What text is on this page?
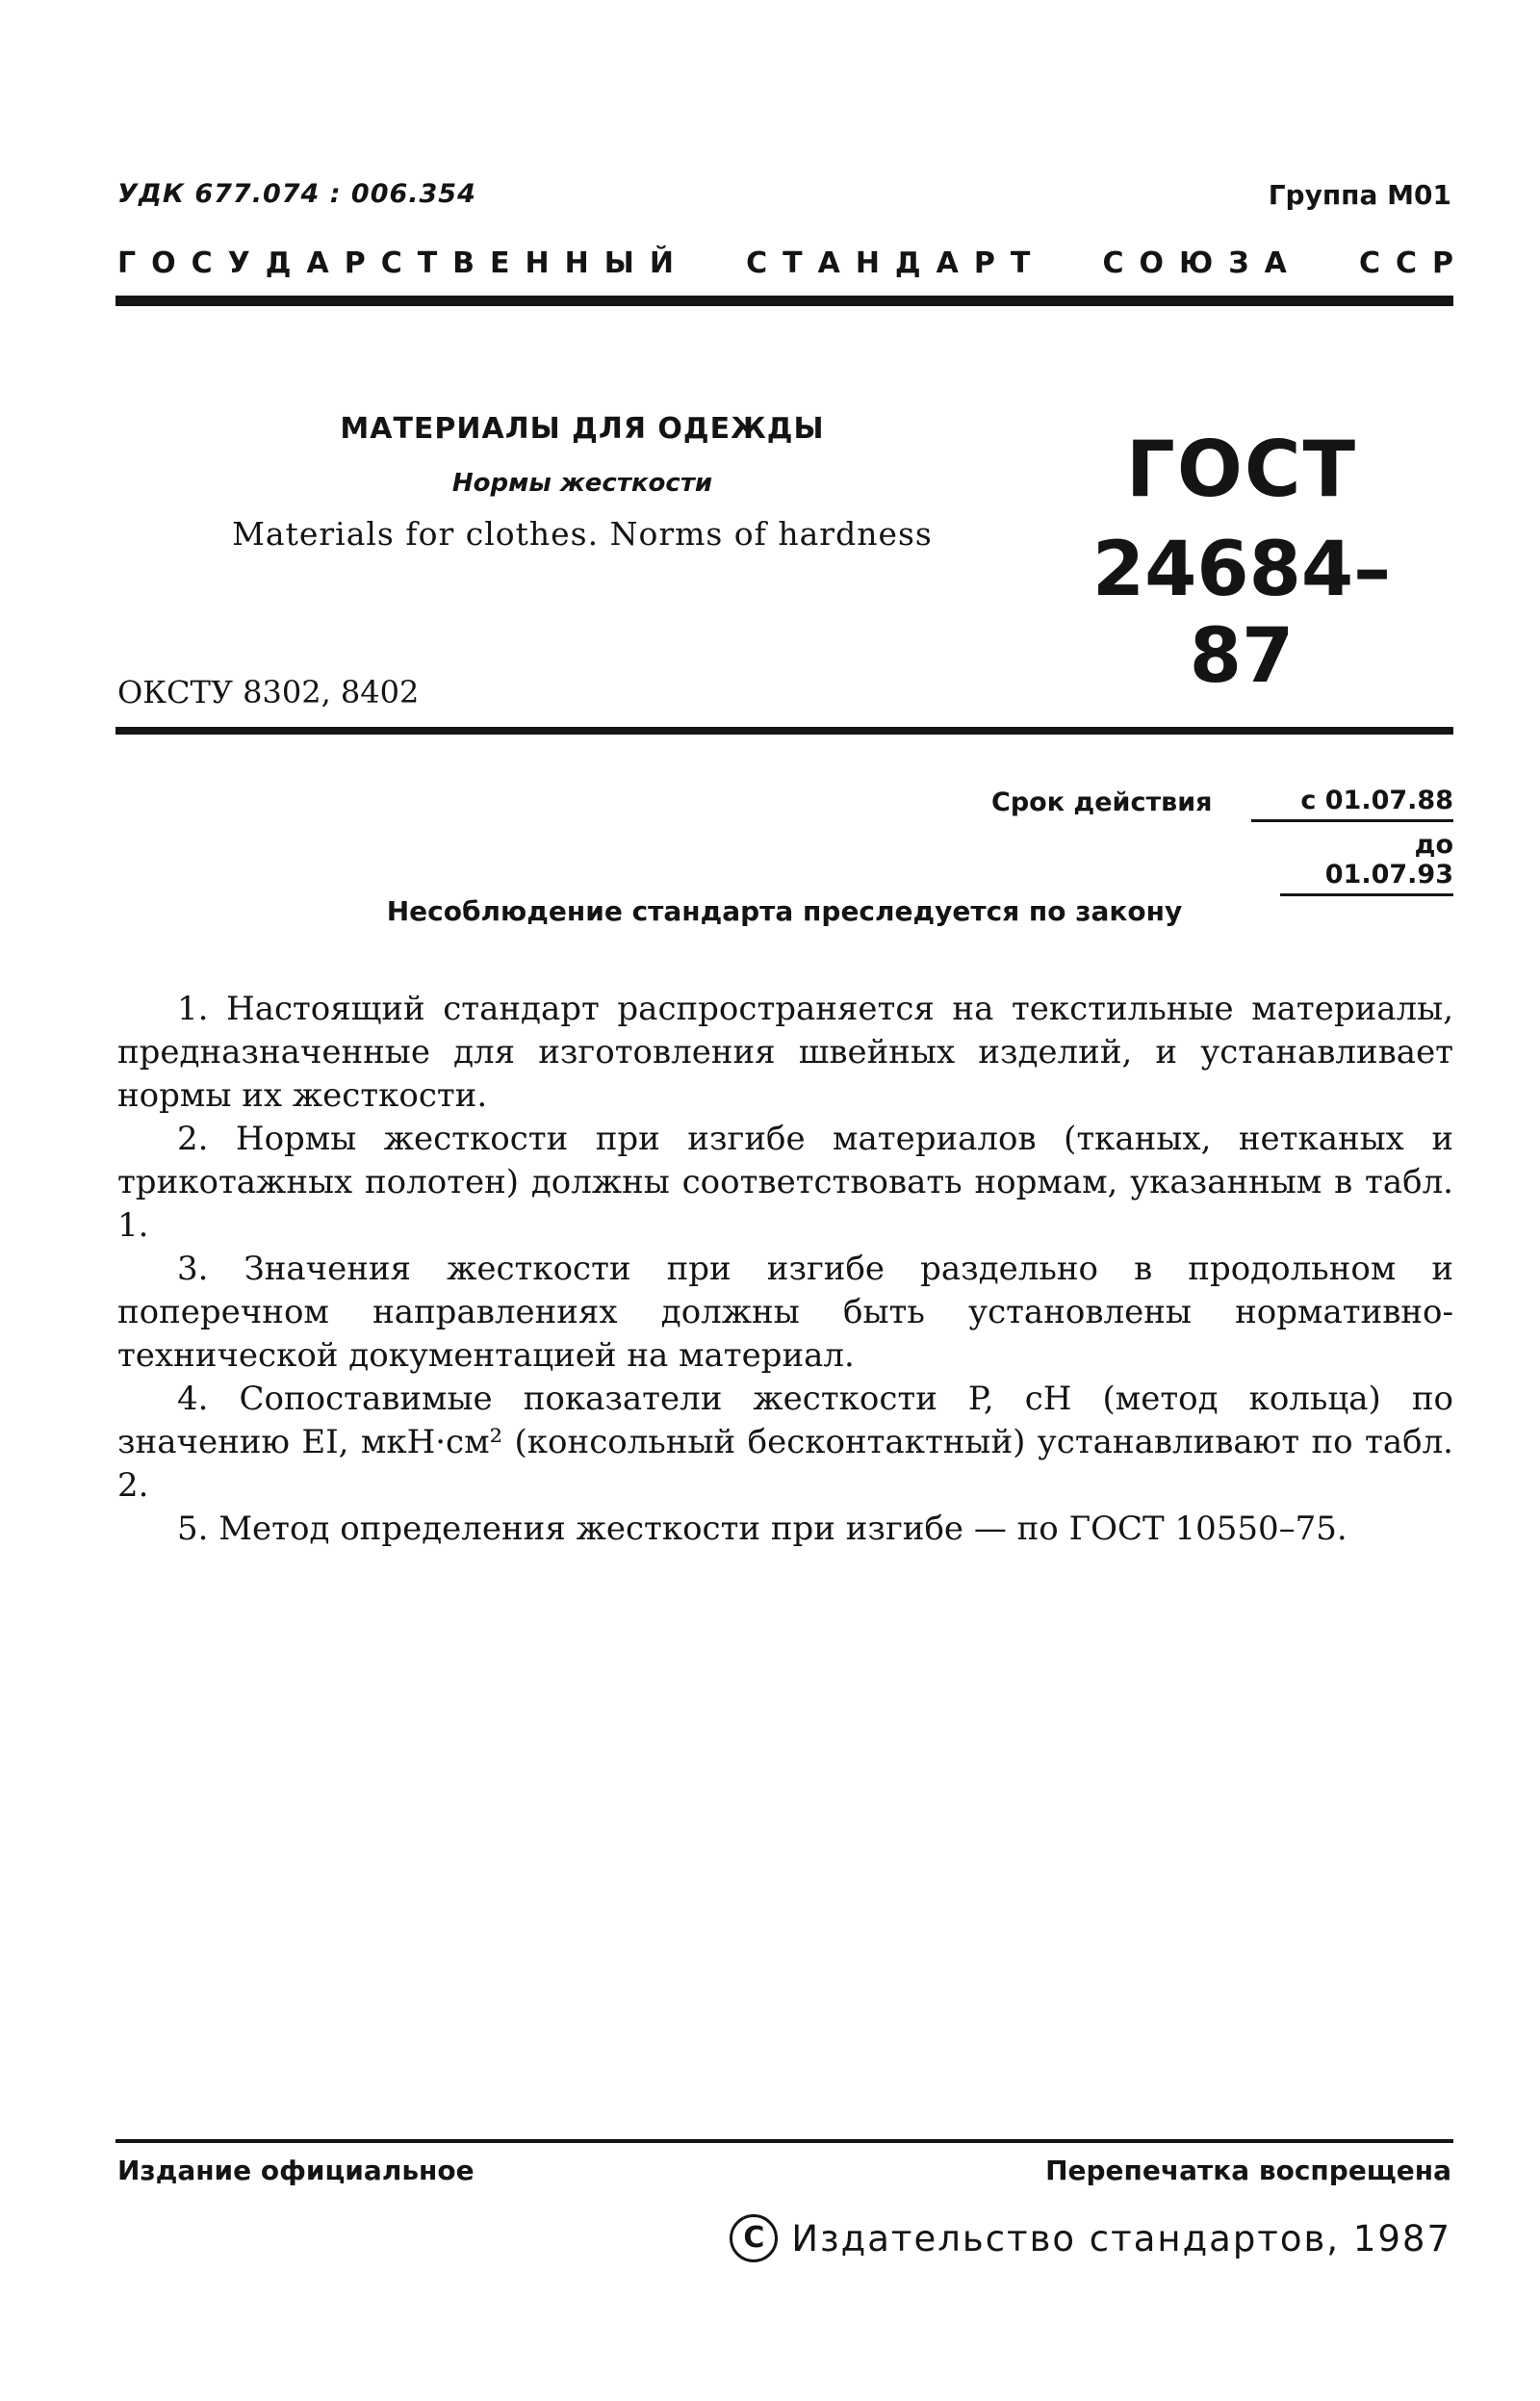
УДК 677.074 : 006.354	Группа М01
ГОСУДАРСТВЕННЫЙ СТАНДАРТ СОЮЗА ССР
МАТЕРИАЛЫ ДЛЯ ОДЕЖДЫ
Нормы жесткости
Materials for clothes. Norms of hardness
ГОСТ
24684–87
ОКСТУ 8302, 8402
Срок действия	с 01.07.88
до 01.07.93
Несоблюдение стандарта преследуется по закону

1. Настоящий стандарт распространяется на текстильные материалы, предназначенные для изготовления швейных изделий, и устанавливает нормы их жесткости.

2. Нормы жесткости при изгибе материалов (тканых, нетканых и трикотажных полотен) должны соответствовать нормам, указанным в табл. 1.

3. Значения жесткости при изгибе раздельно в продольном и поперечном направлениях должны быть установлены нормативно-технической документацией на материал.

4. Сопоставимые показатели жесткости P, сН (метод кольца) по значению EI, мкН·см² (консольный бесконтактный) устанавливают по табл. 2.

5. Метод определения жесткости при изгибе — по ГОСТ 10550–75.

Издание официальное	Перепечатка воспрещена
C Издательство стандартов, 1987
